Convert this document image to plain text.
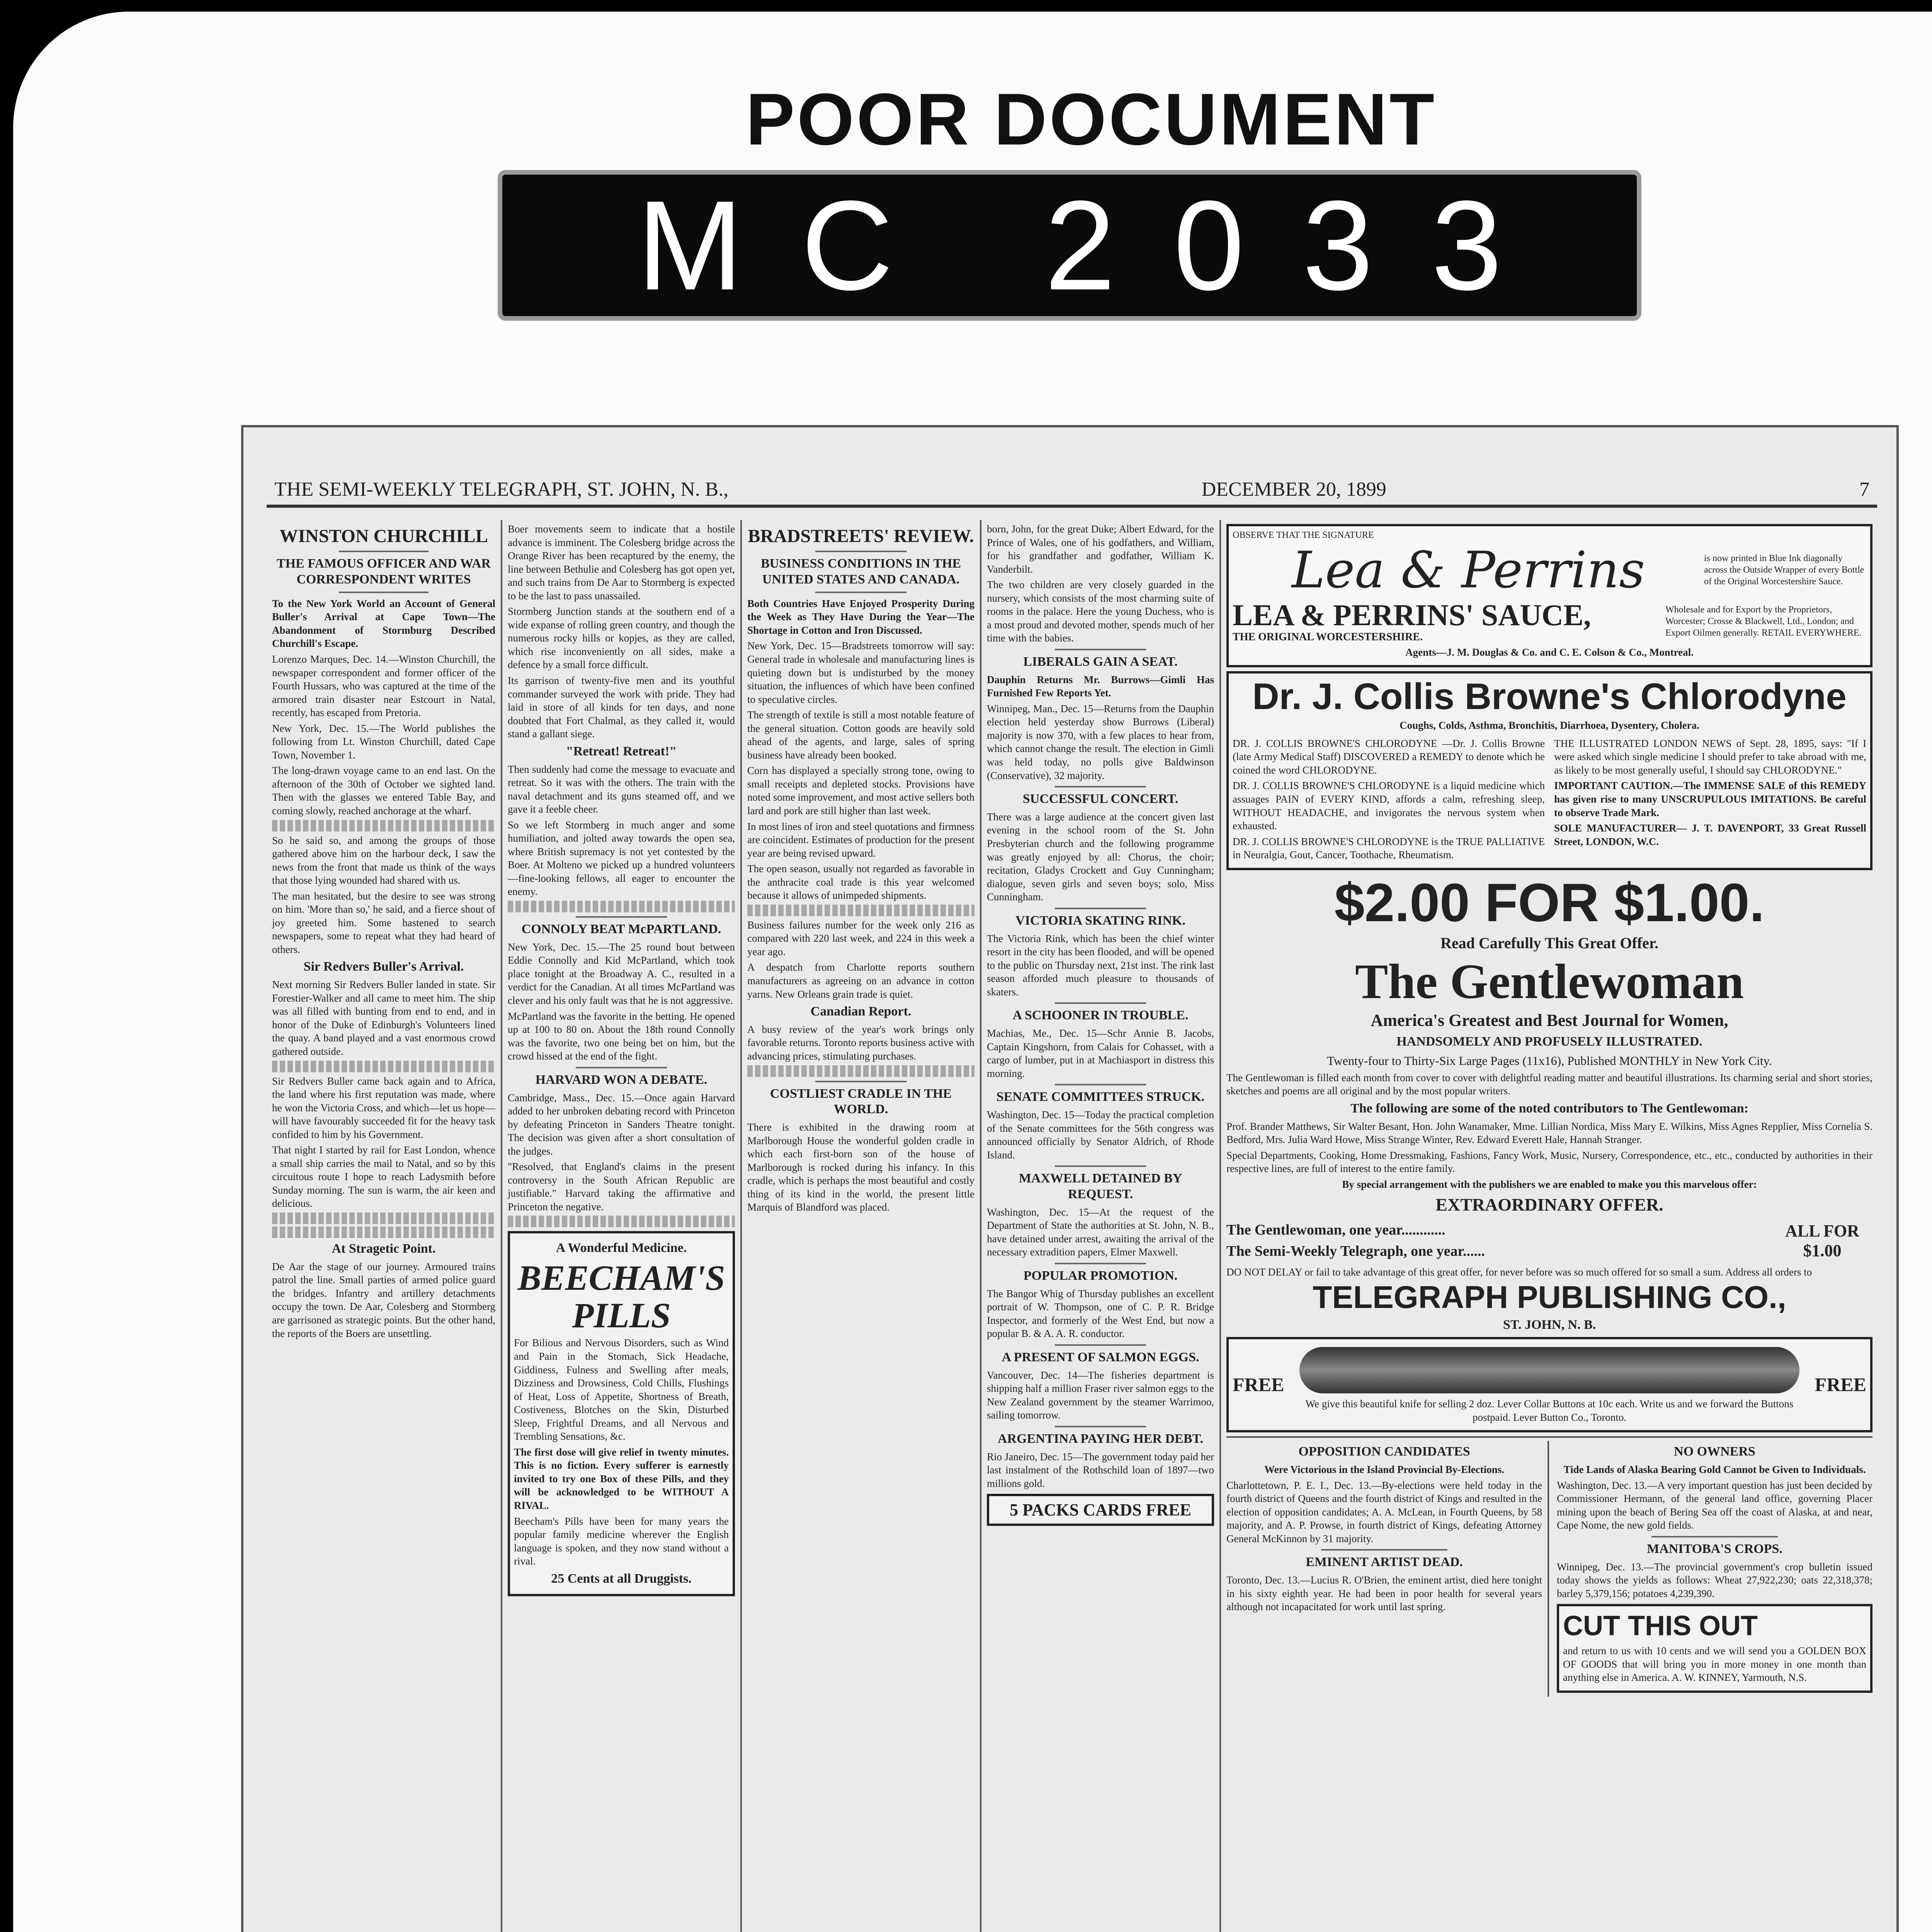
POOR DOCUMENT
MC 2033
THE SEMI-WEEKLY TELEGRAPH, ST. JOHN, N. B.,	DECEMBER 20, 1899	7
WINSTON CHURCHILL
THE FAMOUS OFFICER AND WAR CORRESPONDENT WRITES
To the New York World an Account of General Buller's Arrival at Cape Town—The Abandonment of Stormburg Described Churchill's Escape.
Lorenzo Marques, Dec. 14.—Winston Churchill, the newspaper correspondent and former officer of the Fourth Hussars, who was captured at the time of the armored train disaster near Estcourt in Natal, recently, has escaped from Pretoria.
New York, Dec. 15.—The World publishes the following from Lt. Winston Churchill, dated Cape Town, November 1.
The long-drawn voyage came to an end last. On the afternoon of the 30th of October we sighted land. Then with the glasses we entered Table Bay, and coming slowly, reached anchorage at the wharf.
So he said so, and among the groups of those gathered above him on the harbour deck, I saw the news from the front that made us think of the ways that those lying wounded had shared with us.
The man hesitated, but the desire to see was strong on him. 'More than so,' he said, and a fierce shout of joy greeted him. Some hastened to search newspapers, some to repeat what they had heard of others.
Sir Redvers Buller's Arrival.
Next morning Sir Redvers Buller landed in state. Sir Forestier-Walker and all came to meet him. The ship was all filled with bunting from end to end, and in honor of the Duke of Edinburgh's Volunteers lined the quay. A band played and a vast enormous crowd gathered outside.
Sir Redvers Buller came back again and to Africa, the land where his first reputation was made, where he won the Victoria Cross, and which—let us hope—will have favourably succeeded fit for the heavy task confided to him by his Government.
That night I started by rail for East London, whence a small ship carries the mail to Natal, and so by this circuitous route I hope to reach Ladysmith before Sunday morning. The sun is warm, the air keen and delicious.
At Stragetic Point.
De Aar the stage of our journey. Armoured trains patrol the line. Small parties of armed police guard the bridges. Infantry and artillery detachments occupy the town. De Aar, Colesberg and Stormberg are garrisoned as strategic points. But the other hand, the reports of the Boers are unsettling.
Boer movements seem to indicate that a hostile advance is imminent. The Colesberg bridge across the Orange River has been recaptured by the enemy, the line between Bethulie and Colesberg has got open yet, and such trains from De Aar to Stormberg is expected to be the last to pass unassailed.
Stormberg Junction stands at the southern end of a wide expanse of rolling green country, and though the numerous rocky hills or kopjes, as they are called, which rise inconveniently on all sides, make a defence by a small force difficult.
Its garrison of twenty-five men and its youthful commander surveyed the work with pride. They had laid in store of all kinds for ten days, and none doubted that Fort Chalmal, as they called it, would stand a gallant siege.
"Retreat! Retreat!"
Then suddenly had come the message to evacuate and retreat. So it was with the others. The train with the naval detachment and its guns steamed off, and we gave it a feeble cheer.
So we left Stormberg in much anger and some humiliation, and jolted away towards the open sea, where British supremacy is not yet contested by the Boer. At Molteno we picked up a hundred volunteers—fine-looking fellows, all eager to encounter the enemy.
CONNOLY BEAT McPARTLAND.
New York, Dec. 15.—The 25 round bout between Eddie Connolly and Kid McPartland, which took place tonight at the Broadway A. C., resulted in a verdict for the Canadian. At all times McPartland was clever and his only fault was that he is not aggressive.
McPartland was the favorite in the betting. He opened up at 100 to 80 on. About the 18th round Connolly was the favorite, two one being bet on him, but the crowd hissed at the end of the fight.
HARVARD WON A DEBATE.
Cambridge, Mass., Dec. 15.—Once again Harvard added to her unbroken debating record with Princeton by defeating Princeton in Sanders Theatre tonight. The decision was given after a short consultation of the judges.
"Resolved, that England's claims in the present controversy in the South African Republic are justifiable." Harvard taking the affirmative and Princeton the negative.
A Wonderful Medicine.
BEECHAM'S PILLS
For Bilious and Nervous Disorders, such as Wind and Pain in the Stomach, Sick Headache, Giddiness, Fulness and Swelling after meals, Dizziness and Drowsiness, Cold Chills, Flushings of Heat, Loss of Appetite, Shortness of Breath, Costiveness, Blotches on the Skin, Disturbed Sleep, Frightful Dreams, and all Nervous and Trembling Sensations, &c.
The first dose will give relief in twenty minutes. This is no fiction. Every sufferer is earnestly invited to try one Box of these Pills, and they will be acknowledged to be WITHOUT A RIVAL.
Beecham's Pills have been for many years the popular family medicine wherever the English language is spoken, and they now stand without a rival.
25 Cents at all Druggists.
BRADSTREETS' REVIEW.
BUSINESS CONDITIONS IN THE UNITED STATES AND CANADA.
Both Countries Have Enjoyed Prosperity During the Week as They Have During the Year—The Shortage in Cotton and Iron Discussed.
New York, Dec. 15—Bradstreets tomorrow will say: General trade in wholesale and manufacturing lines is quieting down but is undisturbed by the money situation, the influences of which have been confined to speculative circles.
The strength of textile is still a most notable feature of the general situation. Cotton goods are heavily sold ahead of the agents, and large, sales of spring business have already been booked.
Corn has displayed a specially strong tone, owing to small receipts and depleted stocks. Provisions have noted some improvement, and most active sellers both lard and pork are still higher than last week.
In most lines of iron and steel quotations and firmness are coincident. Estimates of production for the present year are being revised upward.
The open season, usually not regarded as favorable in the anthracite coal trade is this year welcomed because it allows of unimpeded shipments.
Business failures number for the week only 216 as compared with 220 last week, and 224 in this week a year ago.
A despatch from Charlotte reports southern manufacturers as agreeing on an advance in cotton yarns. New Orleans grain trade is quiet.
Canadian Report.
A busy review of the year's work brings only favorable returns. Toronto reports business active with advancing prices, stimulating purchases.
COSTLIEST CRADLE IN THE WORLD.
There is exhibited in the drawing room at Marlborough House the wonderful golden cradle in which each first-born son of the house of Marlborough is rocked during his infancy. In this cradle, which is perhaps the most beautiful and costly thing of its kind in the world, the present little Marquis of Blandford was placed.
born, John, for the great Duke; Albert Edward, for the Prince of Wales, one of his godfathers, and William, for his grandfather and godfather, William K. Vanderbilt.
The two children are very closely guarded in the nursery, which consists of the most charming suite of rooms in the palace. Here the young Duchess, who is a most proud and devoted mother, spends much of her time with the babies.
LIBERALS GAIN A SEAT.
Dauphin Returns Mr. Burrows—Gimli Has Furnished Few Reports Yet.
Winnipeg, Man., Dec. 15—Returns from the Dauphin election held yesterday show Burrows (Liberal) majority is now 370, with a few places to hear from, which cannot change the result. The election in Gimli was held today, no polls give Baldwinson (Conservative), 32 majority.
SUCCESSFUL CONCERT.
There was a large audience at the concert given last evening in the school room of the St. John Presbyterian church and the following programme was greatly enjoyed by all: Chorus, the choir; recitation, Gladys Crockett and Guy Cunningham; dialogue, seven girls and seven boys; solo, Miss Cunningham.
VICTORIA SKATING RINK.
The Victoria Rink, which has been the chief winter resort in the city has been flooded, and will be opened to the public on Thursday next, 21st inst. The rink last season afforded much pleasure to thousands of skaters.
A SCHOONER IN TROUBLE.
Machias, Me., Dec. 15—Schr Annie B. Jacobs, Captain Kingshorn, from Calais for Cohasset, with a cargo of lumber, put in at Machiasport in distress this morning.
SENATE COMMITTEES STRUCK.
Washington, Dec. 15—Today the practical completion of the Senate committees for the 56th congress was announced officially by Senator Aldrich, of Rhode Island.
MAXWELL DETAINED BY REQUEST.
Washington, Dec. 15—At the request of the Department of State the authorities at St. John, N. B., have detained under arrest, awaiting the arrival of the necessary extradition papers, Elmer Maxwell.
POPULAR PROMOTION.
The Bangor Whig of Thursday publishes an excellent portrait of W. Thompson, one of C. P. R. Bridge Inspector, and formerly of the West End, but now a popular B. & A. A. R. conductor.
A PRESENT OF SALMON EGGS.
Vancouver, Dec. 14—The fisheries department is shipping half a million Fraser river salmon eggs to the New Zealand government by the steamer Warrimoo, sailing tomorrow.
ARGENTINA PAYING HER DEBT.
Rio Janeiro, Dec. 15—The government today paid her last instalment of the Rothschild loan of 1897—two millions gold.
5 PACKS CARDS FREE
OBSERVE THAT THE SIGNATURE
Lea & Perrins	is now printed in Blue Ink diagonally across the Outside Wrapper of every Bottle of the Original Worcestershire Sauce.
LEA & PERRINS' SAUCE,
THE ORIGINAL WORCESTERSHIRE.
Wholesale and for Export by the Proprietors, Worcester; Crosse & Blackwell, Ltd., London; and Export Oilmen generally. RETAIL EVERYWHERE.
Agents—J. M. Douglas & Co. and C. E. Colson & Co., Montreal.
Dr. J. Collis Browne's Chlorodyne
Coughs, Colds, Asthma, Bronchitis, Diarrhoea, Dysentery, Cholera.
DR. J. COLLIS BROWNE'S CHLORODYNE —Dr. J. Collis Browne (late Army Medical Staff) DISCOVERED a REMEDY to denote which he coined the word CHLORODYNE.
DR. J. COLLIS BROWNE'S CHLORODYNE is a liquid medicine which assuages PAIN of EVERY KIND, affords a calm, refreshing sleep, WITHOUT HEADACHE, and invigorates the nervous system when exhausted.
DR. J. COLLIS BROWNE'S CHLORODYNE is the TRUE PALLIATIVE in Neuralgia, Gout, Cancer, Toothache, Rheumatism.
THE ILLUSTRATED LONDON NEWS of Sept. 28, 1895, says: "If I were asked which single medicine I should prefer to take abroad with me, as likely to be most generally useful, I should say CHLORODYNE."
IMPORTANT CAUTION.—The IMMENSE SALE of this REMEDY has given rise to many UNSCRUPULOUS IMITATIONS. Be careful to observe Trade Mark.
SOLE MANUFACTURER— J. T. DAVENPORT, 33 Great Russell Street, LONDON, W.C.
$2.00 FOR $1.00.
Read Carefully This Great Offer.
The Gentlewoman
America's Greatest and Best Journal for Women,
HANDSOMELY AND PROFUSELY ILLUSTRATED.
Twenty-four to Thirty-Six Large Pages (11x16), Published MONTHLY in New York City.
The Gentlewoman is filled each month from cover to cover with delightful reading matter and beautiful illustrations. Its charming serial and short stories, sketches and poems are all original and by the most popular writers.
The following are some of the noted contributors to The Gentlewoman:
Prof. Brander Matthews, Sir Walter Besant, Hon. John Wanamaker, Mme. Lillian Nordica, Miss Mary E. Wilkins, Miss Agnes Repplier, Miss Cornelia S. Bedford, Mrs. Julia Ward Howe, Miss Strange Winter, Rev. Edward Everett Hale, Hannah Stranger.
Special Departments, Cooking, Home Dressmaking, Fashions, Fancy Work, Music, Nursery, Correspondence, etc., etc., conducted by authorities in their respective lines, are full of interest to the entire family.
By special arrangement with the publishers we are enabled to make you this marvelous offer:
EXTRAORDINARY OFFER.
The Gentlewoman, one year............
The Semi-Weekly Telegraph, one year......
ALL FOR $1.00
DO NOT DELAY or fail to take advantage of this great offer, for never before was so much offered for so small a sum. Address all orders to
TELEGRAPH PUBLISHING CO.,
ST. JOHN, N. B.
FREE
We give this beautiful knife for selling 2 doz. Lever Collar Buttons at 10c each. Write us and we forward the Buttons postpaid. Lever Button Co., Toronto.
FREE
OPPOSITION CANDIDATES
Were Victorious in the Island Provincial By-Elections.
Charlottetown, P. E. I., Dec. 13.—By-elections were held today in the fourth district of Queens and the fourth district of Kings and resulted in the election of opposition candidates; A. A. McLean, in Fourth Queens, by 58 majority, and A. P. Prowse, in fourth district of Kings, defeating Attorney General McKinnon by 31 majority.
EMINENT ARTIST DEAD.
Toronto, Dec. 13.—Lucius R. O'Brien, the eminent artist, died here tonight in his sixty eighth year. He had been in poor health for several years although not incapacitated for work until last spring.
NO OWNERS
Tide Lands of Alaska Bearing Gold Cannot be Given to Individuals.
Washington, Dec. 13.—A very important question has just been decided by Commissioner Hermann, of the general land office, governing Placer mining upon the beach of Bering Sea off the coast of Alaska, at and near, Cape Nome, the new gold fields.
MANITOBA'S CROPS.
Winnipeg, Dec. 13.—The provincial government's crop bulletin issued today shows the yields as follows: Wheat 27,922,230; oats 22,318,378; barley 5,379,156; potatoes 4,239,390.
CUT THIS OUT
and return to us with 10 cents and we will send you a GOLDEN BOX OF GOODS that will bring you in more money in one month than anything else in America. A. W. KINNEY, Yarmouth, N.S.
